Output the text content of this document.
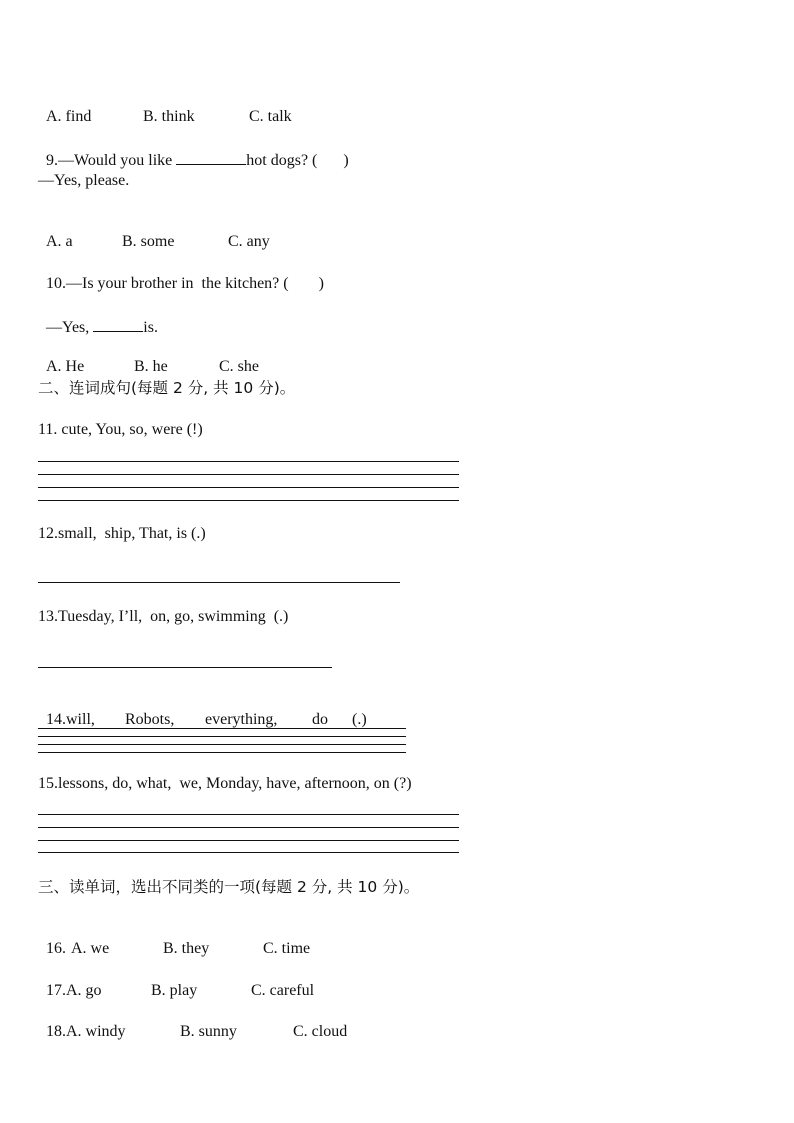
A. find	B. think	C. talk

9.—Would you like	hot dogs? ( )

—Yes, please.

A. a	B. some	C. any

10.—Is your brother in  the kitchen? ( )

—Yes,	is.

A. He	B. he	C. she

二、连词成句(每题 2 分, 共 10 分)。
11. cute, You, so, were (!)
12.small,  ship, That, is (.)
13.Tuesday, I’ll,  on, go, swimming  (.)

14.will, Robots, everything, do (.)

15.lessons, do, what,  we, Monday, have, afternoon, on (?)
三、读单词，选出不同类的一项(每题 2 分, 共 10 分)。

16. A. we	B. they	C. time

17.A. go	B. play	C. careful

18.A. windy	B. sunny	C. cloud
